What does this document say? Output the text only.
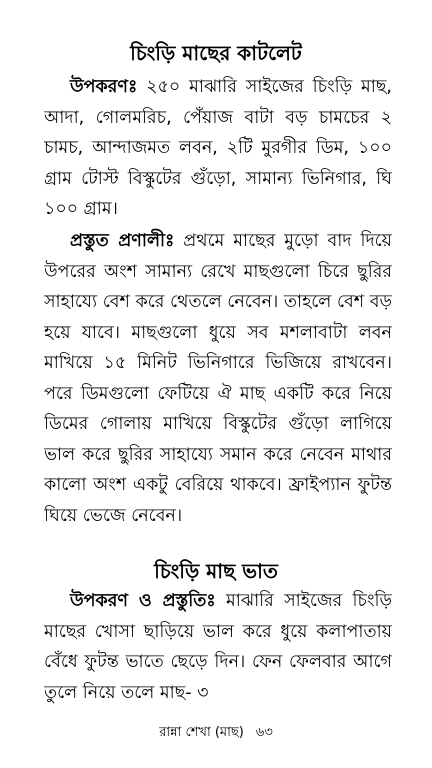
চিংড়ি মাছের কাটলেট

উপকরণঃ ২৫০ মাঝারি সাইজের চিংড়ি মাছ, আদা, গোলমরিচ, পেঁয়াজ বাটা বড় চামচের ২ চামচ, আন্দাজমত লবন, ২টি মুরগীর ডিম, ১০০ গ্রাম টোস্ট বিস্কুটের গুঁড়ো, সামান্য ভিনিগার, ঘি ১০০ গ্রাম।

প্রস্তুত প্রণালীঃ প্রথমে মাছের মুড়ো বাদ দিয়ে উপরের অংশ সামান্য রেখে মাছগুলো চিরে ছুরির সাহায্যে বেশ করে থেতলে নেবেন। তাহলে বেশ বড় হয়ে যাবে। মাছগুলো ধুয়ে সব মশলাবাটা লবন মাখিয়ে ১৫ মিনিট ভিনিগারে ভিজিয়ে রাখবেন। পরে ডিমগুলো ফেটিয়ে ঐ মাছ একটি করে নিয়ে ডিমের গোলায় মাখিয়ে বিস্কুটের গুঁড়ো লাগিয়ে ভাল করে ছুরির সাহায্যে সমান করে নেবেন মাথার কালো অংশ একটু বেরিয়ে থাকবে। ফ্রাইপ্যান ফুটন্ত ঘিয়ে ভেজে নেবেন।

চিংড়ি মাছ ভাত

উপকরণ ও প্রস্তুতিঃ মাঝারি সাইজের চিংড়ি মাছের খোসা ছাড়িয়ে ভাল করে ধুয়ে কলাপাতায় বেঁধে ফুটন্ত ভাতে ছেড়ে দিন। ফেন ফেলবার আগে তুলে নিয়ে তলে মাছ- ৩

রান্না শেখা (মাছ) ৬৩
